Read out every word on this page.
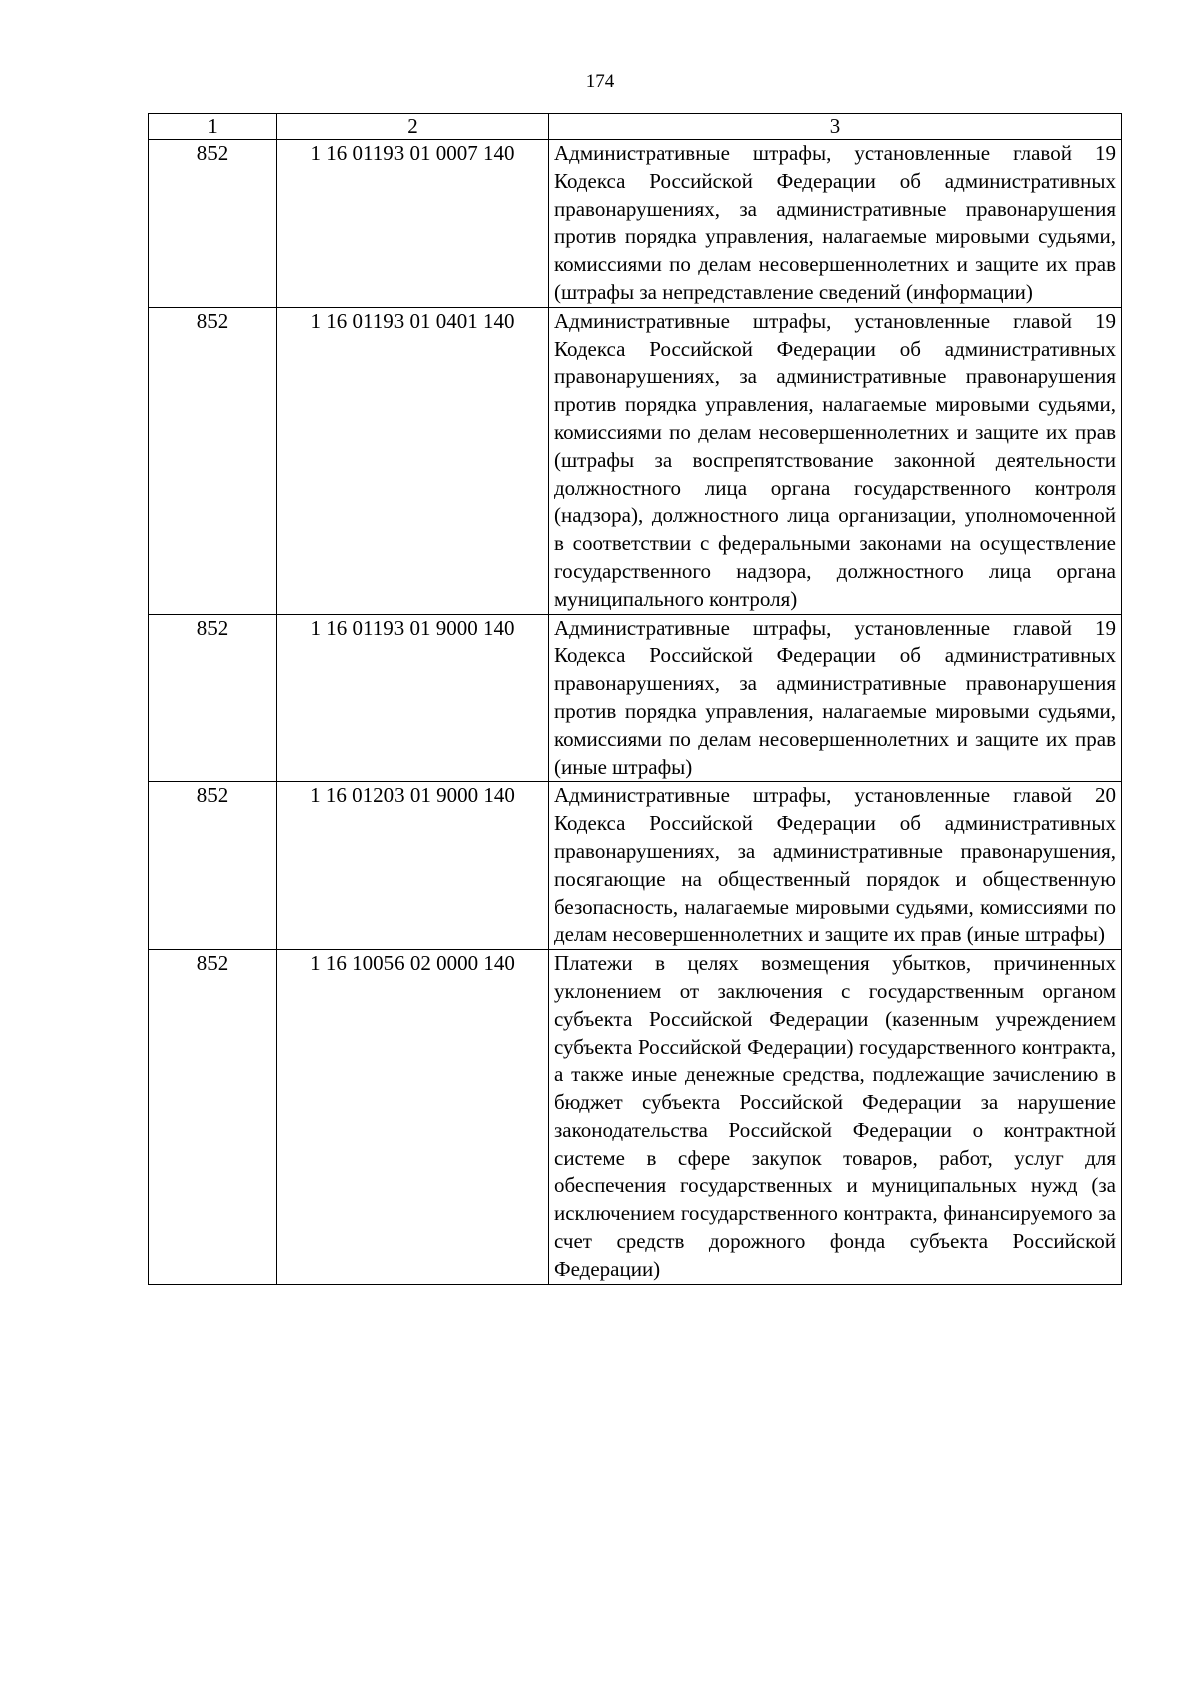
174
1	2	3
852	1 16 01193 01 0007 140	Административные штрафы, установленные главой 19 Кодекса Российской Федерации об административных правонарушениях, за административные правонарушения против порядка управления, налагаемые мировыми судьями, комиссиями по делам несовершеннолетних и защите их прав (штрафы за непредставление сведений (информации)
852	1 16 01193 01 0401 140	Административные штрафы, установленные главой 19 Кодекса Российской Федерации об административных правонарушениях, за административные правонарушения против порядка управления, налагаемые мировыми судьями, комиссиями по делам несовершеннолетних и защите их прав (штрафы за воспрепятствование законной деятельности должностного лица органа государственного контроля (надзора), должностного лица организации, уполномоченной в соответствии с федеральными законами на осуществление государственного надзора, должностного лица органа муниципального контроля)
852	1 16 01193 01 9000 140	Административные штрафы, установленные главой 19 Кодекса Российской Федерации об административных правонарушениях, за административные правонарушения против порядка управления, налагаемые мировыми судьями, комиссиями по делам несовершеннолетних и защите их прав (иные штрафы)
852	1 16 01203 01 9000 140	Административные штрафы, установленные главой 20 Кодекса Российской Федерации об административных правонарушениях, за административные правонарушения, посягающие на общественный порядок и общественную безопасность, налагаемые мировыми судьями, комиссиями по делам несовершеннолетних и защите их прав (иные штрафы)
852	1 16 10056 02 0000 140	Платежи в целях возмещения убытков, причиненных уклонением от заключения с государственным органом субъекта Российской Федерации (казенным учреждением субъекта Российской Федерации) государственного контракта, а также иные денежные средства, подлежащие зачислению в бюджет субъекта Российской Федерации за нарушение законодательства Российской Федерации о контрактной системе в сфере закупок товаров, работ, услуг для обеспечения государственных и муниципальных нужд (за исключением государственного контракта, финансируемого за счет средств дорожного фонда субъекта Российской Федерации)
